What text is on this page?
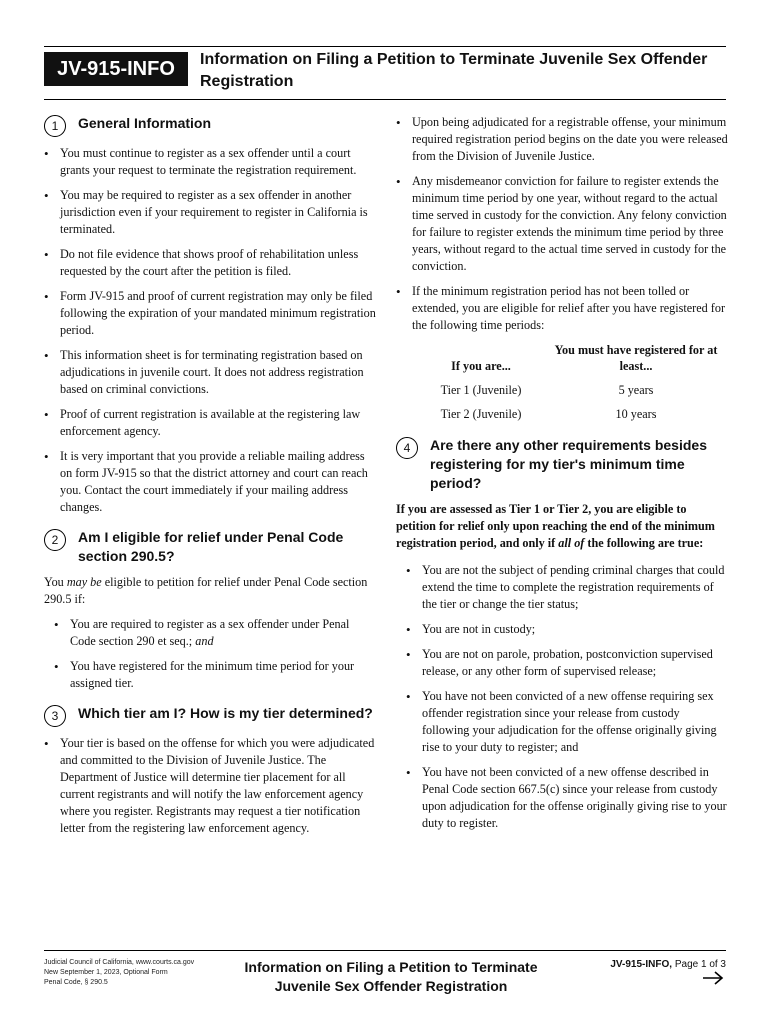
JV-915-INFO	Information on Filing a Petition to Terminate Juvenile Sex Offender Registration
1	General Information
• You must continue to register as a sex offender until a court grants your request to terminate the registration requirement.
• You may be required to register as a sex offender in another jurisdiction even if your requirement to register in California is terminated.
• Do not file evidence that shows proof of rehabilitation unless requested by the court after the petition is filed.
• Form JV-915 and proof of current registration may only be filed following the expiration of your mandated minimum registration period.
• This information sheet is for terminating registration based on adjudications in juvenile court. It does not address registration based on criminal convictions.
• Proof of current registration is available at the registering law enforcement agency.
• It is very important that you provide a reliable mailing address on form JV-915 so that the district attorney and court can reach you. Contact the court immediately if your mailing address changes.
2	Am I eligible for relief under Penal Code section 290.5?

You may be eligible to petition for relief under Penal Code section 290.5 if:

• You are required to register as a sex offender under Penal Code section 290 et seq.; and
• You have registered for the minimum time period for your assigned tier.
3	Which tier am I? How is my tier determined?
• Your tier is based on the offense for which you were adjudicated and committed to the Division of Juvenile Justice. The Department of Justice will determine tier placement for all current registrants and will notify the law enforcement agency where you register. Registrants may request a tier notification letter from the registering law enforcement agency.
• Upon being adjudicated for a registrable offense, your minimum required registration period begins on the date you were released from the Division of Juvenile Justice.
• Any misdemeanor conviction for failure to register extends the minimum time period by one year, without regard to the actual time served in custody for the conviction. Any felony conviction for failure to register extends the minimum time period by three years, without regard to the actual time served in custody for the conviction.
• If the minimum registration period has not been tolled or extended, you are eligible for relief after you have registered for the following time periods:
If you are...	You must have registered for at least...
Tier 1 (Juvenile)	5 years
Tier 2 (Juvenile)	10 years
4	Are there any other requirements besides registering for my tier's minimum time period?

If you are assessed as Tier 1 or Tier 2, you are eligible to petition for relief only upon reaching the end of the minimum registration period, and only if all of the following are true:

• You are not the subject of pending criminal charges that could extend the time to complete the registration requirements of the tier or change the tier status;
• You are not in custody;
• You are not on parole, probation, postconviction supervised release, or any other form of supervised release;
• You have not been convicted of a new offense requiring sex offender registration since your release from custody following your adjudication for the offense originally giving rise to your duty to register; and
• You have not been convicted of a new offense described in Penal Code section 667.5(c) since your release from custody upon adjudication for the offense originally giving rise to your duty to register.
Judicial Council of California, www.courts.ca.gov
New September 1, 2023, Optional Form
Penal Code, § 290.5
Information on Filing a Petition to Terminate
Juvenile Sex Offender Registration
JV-915-INFO, Page 1 of 3
